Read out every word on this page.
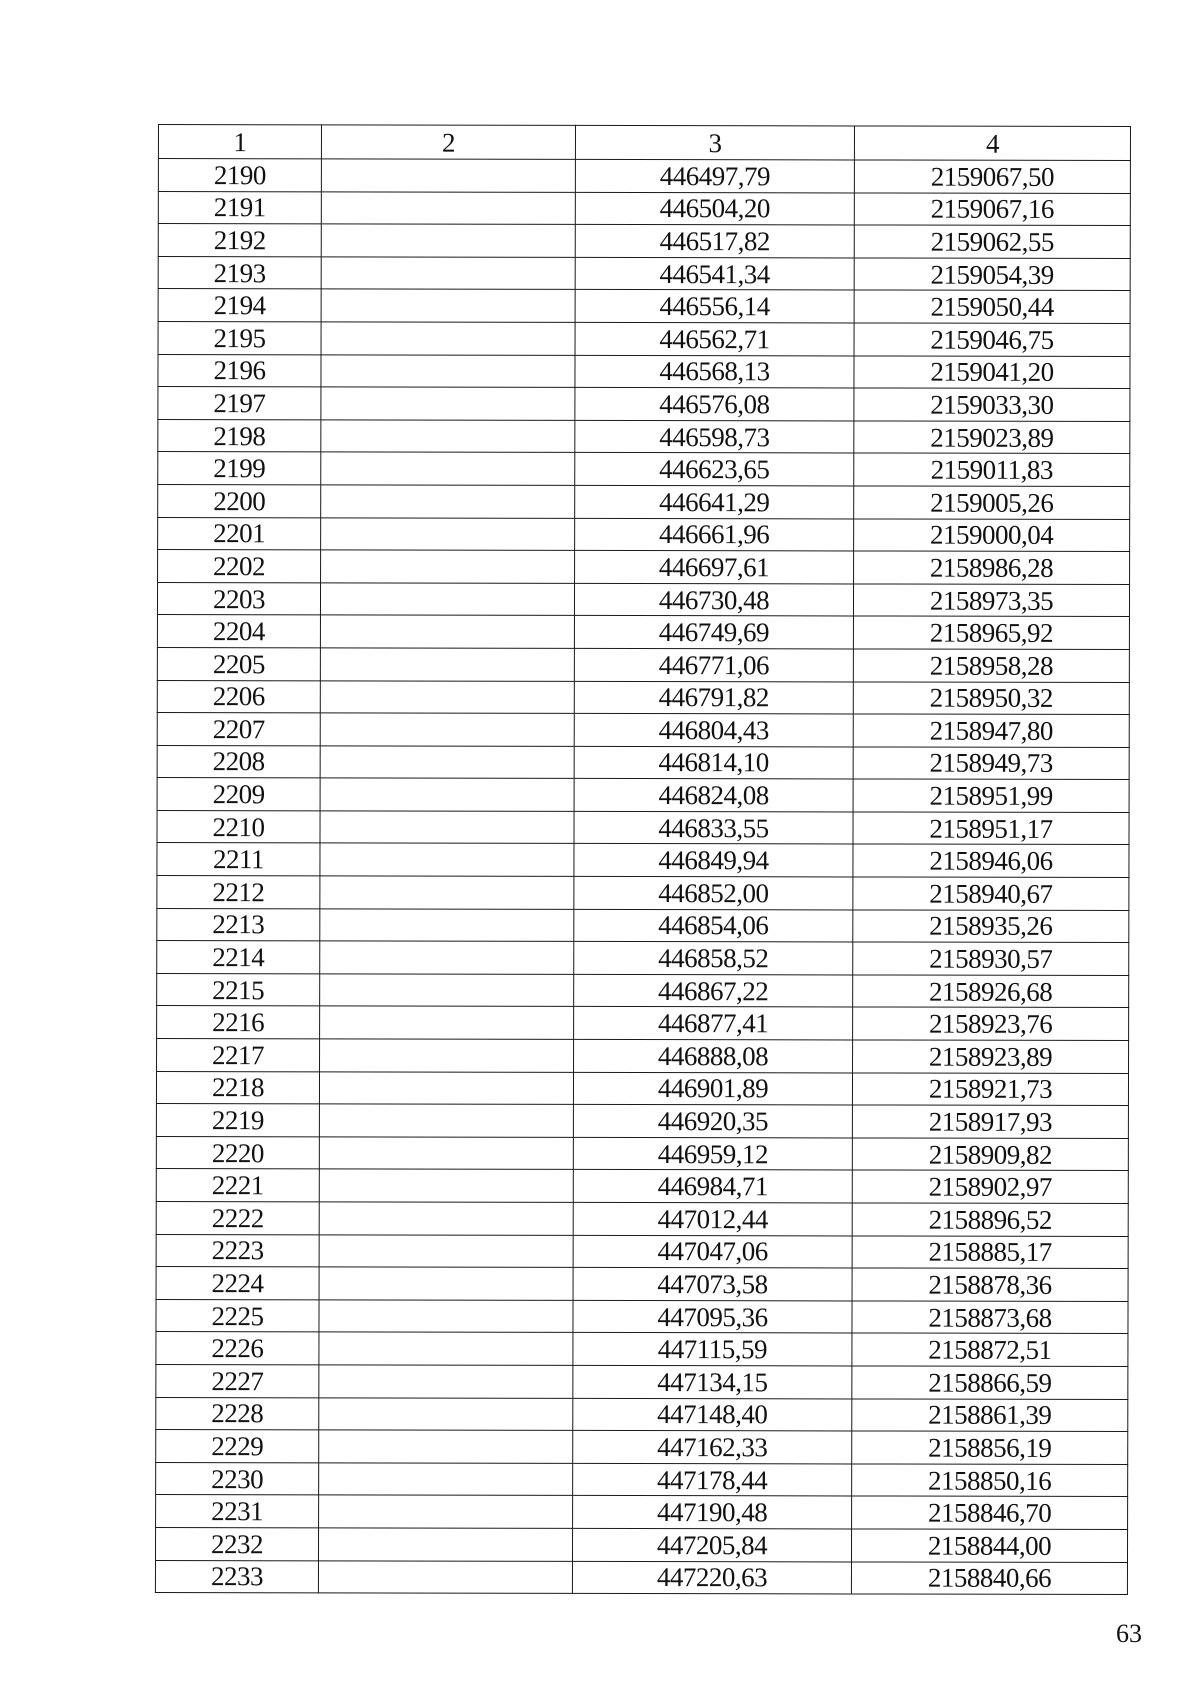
1	2	3	4
2190		446497,79	2159067,50
2191		446504,20	2159067,16
2192		446517,82	2159062,55
2193		446541,34	2159054,39
2194		446556,14	2159050,44
2195		446562,71	2159046,75
2196		446568,13	2159041,20
2197		446576,08	2159033,30
2198		446598,73	2159023,89
2199		446623,65	2159011,83
2200		446641,29	2159005,26
2201		446661,96	2159000,04
2202		446697,61	2158986,28
2203		446730,48	2158973,35
2204		446749,69	2158965,92
2205		446771,06	2158958,28
2206		446791,82	2158950,32
2207		446804,43	2158947,80
2208		446814,10	2158949,73
2209		446824,08	2158951,99
2210		446833,55	2158951,17
2211		446849,94	2158946,06
2212		446852,00	2158940,67
2213		446854,06	2158935,26
2214		446858,52	2158930,57
2215		446867,22	2158926,68
2216		446877,41	2158923,76
2217		446888,08	2158923,89
2218		446901,89	2158921,73
2219		446920,35	2158917,93
2220		446959,12	2158909,82
2221		446984,71	2158902,97
2222		447012,44	2158896,52
2223		447047,06	2158885,17
2224		447073,58	2158878,36
2225		447095,36	2158873,68
2226		447115,59	2158872,51
2227		447134,15	2158866,59
2228		447148,40	2158861,39
2229		447162,33	2158856,19
2230		447178,44	2158850,16
2231		447190,48	2158846,70
2232		447205,84	2158844,00
2233		447220,63	2158840,66
63
